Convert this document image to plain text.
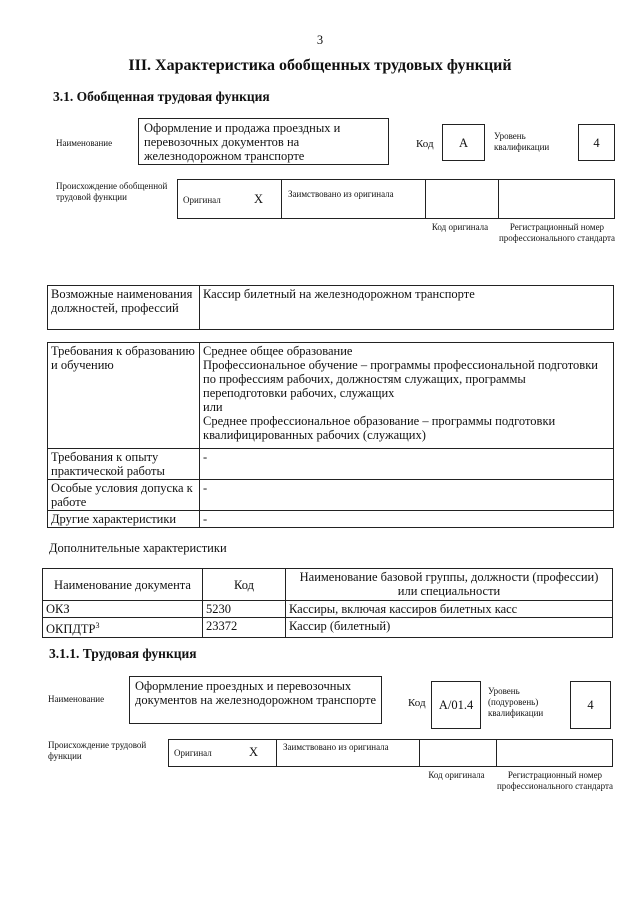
3
III. Характеристика обобщенных трудовых функций
3.1. Обобщенная трудовая функция
Наименование
Оформление и продажа проездных и перевозочных документов на железнодорожном транспорте
Код А	Уровень квалификации	4
Происхождение обобщенной трудовой функции	Оригинал	X	Заимствовано из оригинала
Код оригинала	Регистрационный номер профессионального стандарта
Возможные наименования должностей, профессий	Кассир билетный на железнодорожном транспорте
Требования к образованию и обучению	Среднее общее образование
Профессиональное обучение – программы профессиональной подготовки по профессиям рабочих, должностям служащих, программы переподготовки рабочих, служащих
или
Среднее профессиональное образование – программы подготовки квалифицированных рабочих (служащих)

Требования к опыту практической работы	-
Особые условия допуска к работе	-
Другие характеристики	-
Дополнительные характеристики
Наименование документа	Код	Наименование базовой группы, должности (профессии) или специальности
ОКЗ	5230	Кассиры, включая кассиров билетных касс
ОКПДТР$^3$	23372	Кассир (билетный)
3.1.1. Трудовая функция
Наименование
Оформление проездных и перевозочных документов на железнодорожном транспорте	Код A/01.4
Уровень (подуровень) квалификации
4
Происхождение трудовой функции	Оригинал	X	Заимствовано из оригинала
Код оригинала	Регистрационный номер профессионального стандарта
